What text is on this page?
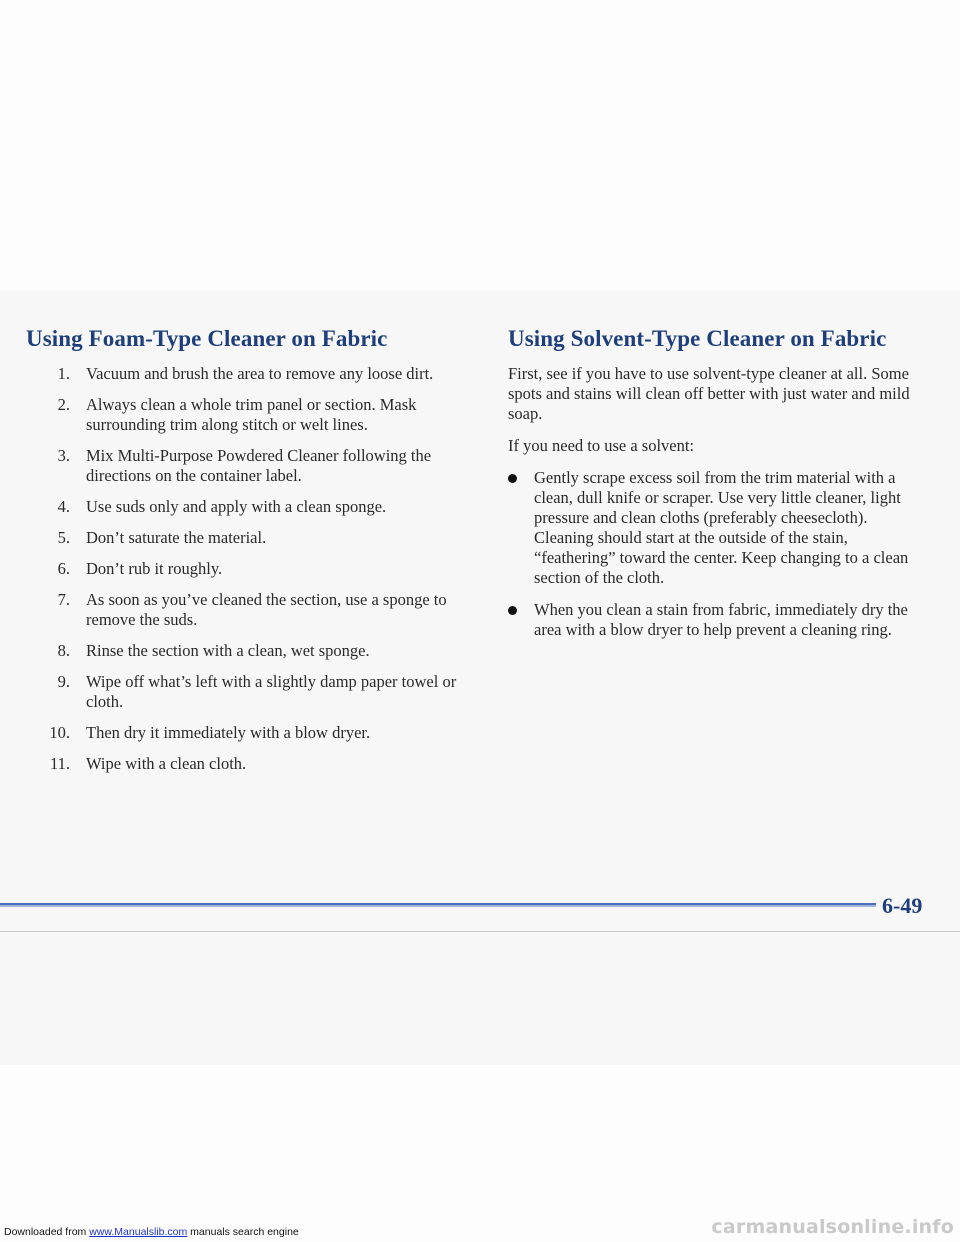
Using Foam-Type Cleaner on Fabric
1. Vacuum and brush the area to remove any loose dirt.
2. Always clean a whole trim panel or section. Mask surrounding trim along stitch or welt lines.
3. Mix Multi-Purpose Powdered Cleaner following the directions on the container label.
4. Use suds only and apply with a clean sponge.
5. Don’t saturate the material.
6. Don’t rub it roughly.
7. As soon as you’ve cleaned the section, use a sponge to remove the suds.
8. Rinse the section with a clean, wet sponge.
9. Wipe off what’s left with a slightly damp paper towel or cloth.
10. Then dry it immediately with a blow dryer.
11. Wipe with a clean cloth.
Using Solvent-Type Cleaner on Fabric

First, see if you have to use solvent-type cleaner at all. Some spots and stains will clean off better with just water and mild soap.

If you need to use a solvent:

Gently scrape excess soil from the trim material with a clean, dull knife or scraper. Use very little cleaner, light pressure and clean cloths (preferably cheesecloth). Cleaning should start at the outside of the stain, “feathering” toward the center. Keep changing to a clean section of the cloth.
When you clean a stain from fabric, immediately dry the area with a blow dryer to help prevent a cleaning ring.
6-49
Downloaded from www.Manualslib.com manuals search engine	carmanualsonline.info
